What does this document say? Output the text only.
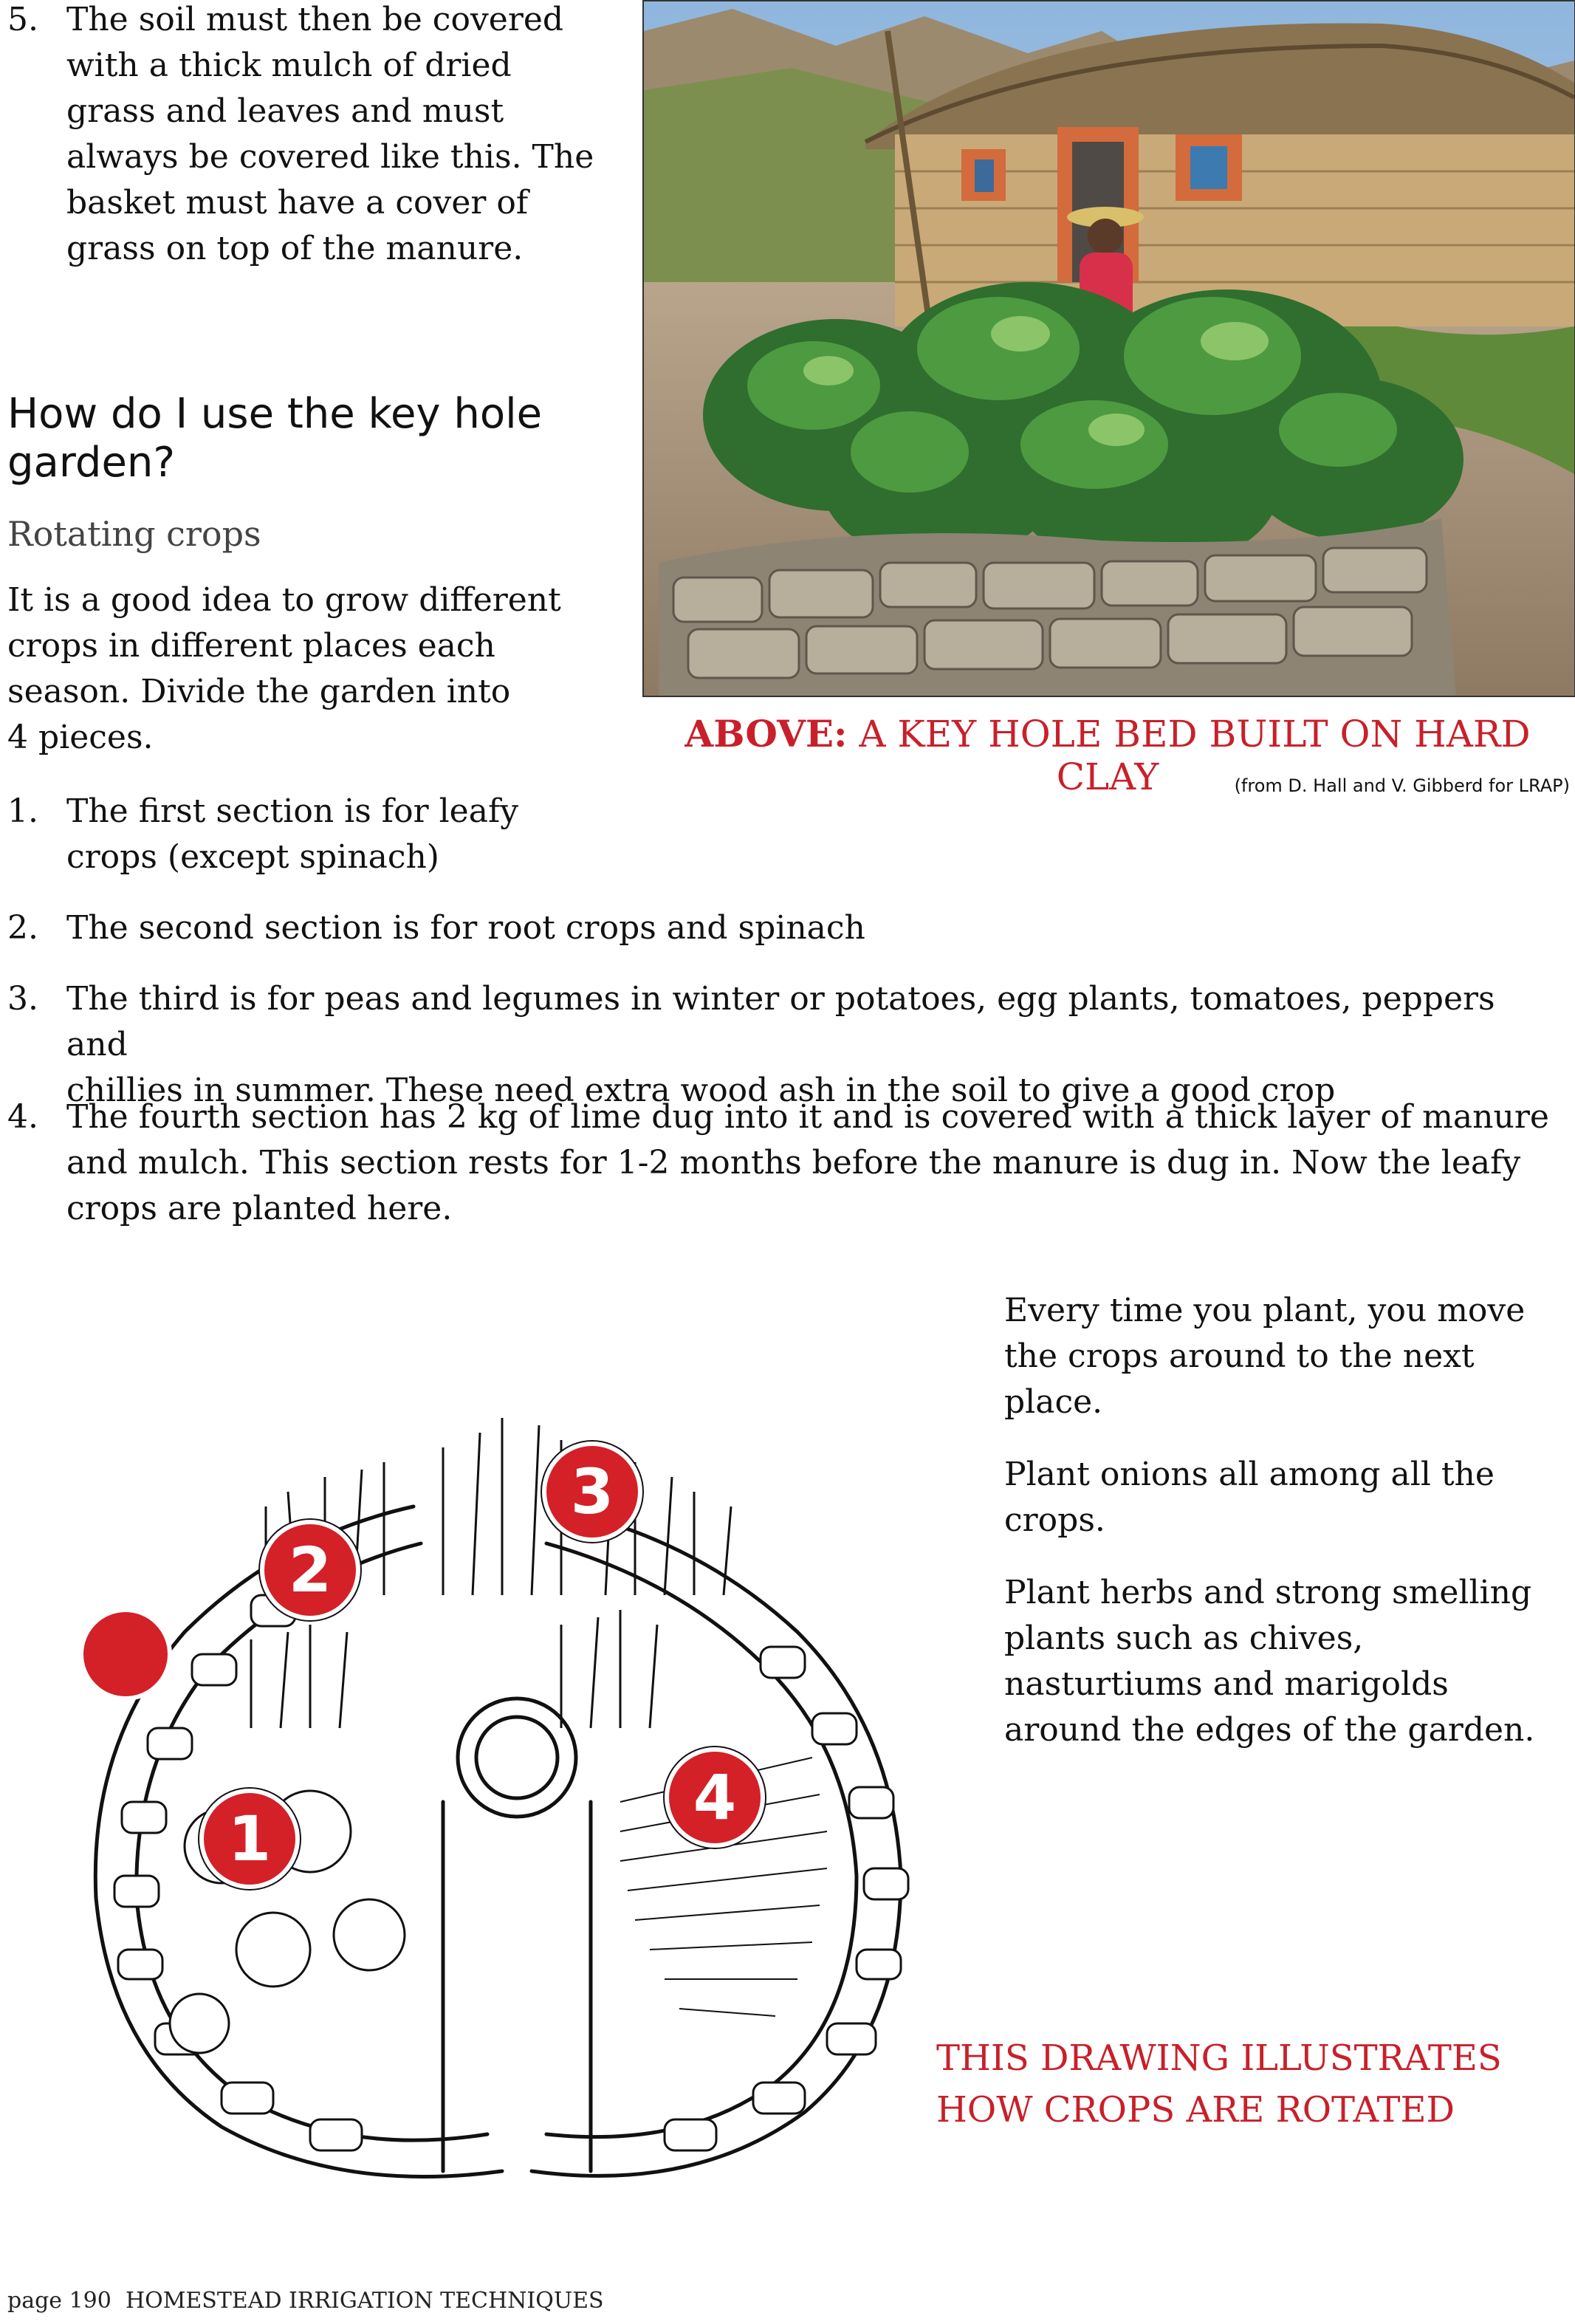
5. The soil must then be covered
with a thick mulch of dried
grass and leaves and must
always be covered like this. The
basket must have a cover of
grass on top of the manure.
How do I use the key hole
garden?
Rotating crops
It is a good idea to grow different
crops in different places each
season. Divide the garden into
4 pieces.
1. The first section is for leafy
crops (except spinach)
2. The second section is for root crops and spinach
3. The third is for peas and legumes in winter or potatoes, egg plants, tomatoes, peppers and
chillies in summer. These need extra wood ash in the soil to give a good crop
4. The fourth section has 2 kg of lime dug into it and is covered with a thick layer of manure
and mulch. This section rests for 1-2 months before the manure is dug in. Now the leafy
crops are planted here.
ABOVE: A KEY HOLE BED BUILT ON HARD CLAY	(from D. Hall and V. Gibberd for LRAP)
Every time you plant, you move
the crops around to the next
place.
Plant onions all among all the
crops.
Plant herbs and strong smelling
plants such as chives,
nasturtiums and marigolds
around the edges of the garden.
1
2
3
4
THIS DRAWING ILLUSTRATES
HOW CROPS ARE ROTATED
page 190 HOMESTEAD IRRIGATION TECHNIQUES
